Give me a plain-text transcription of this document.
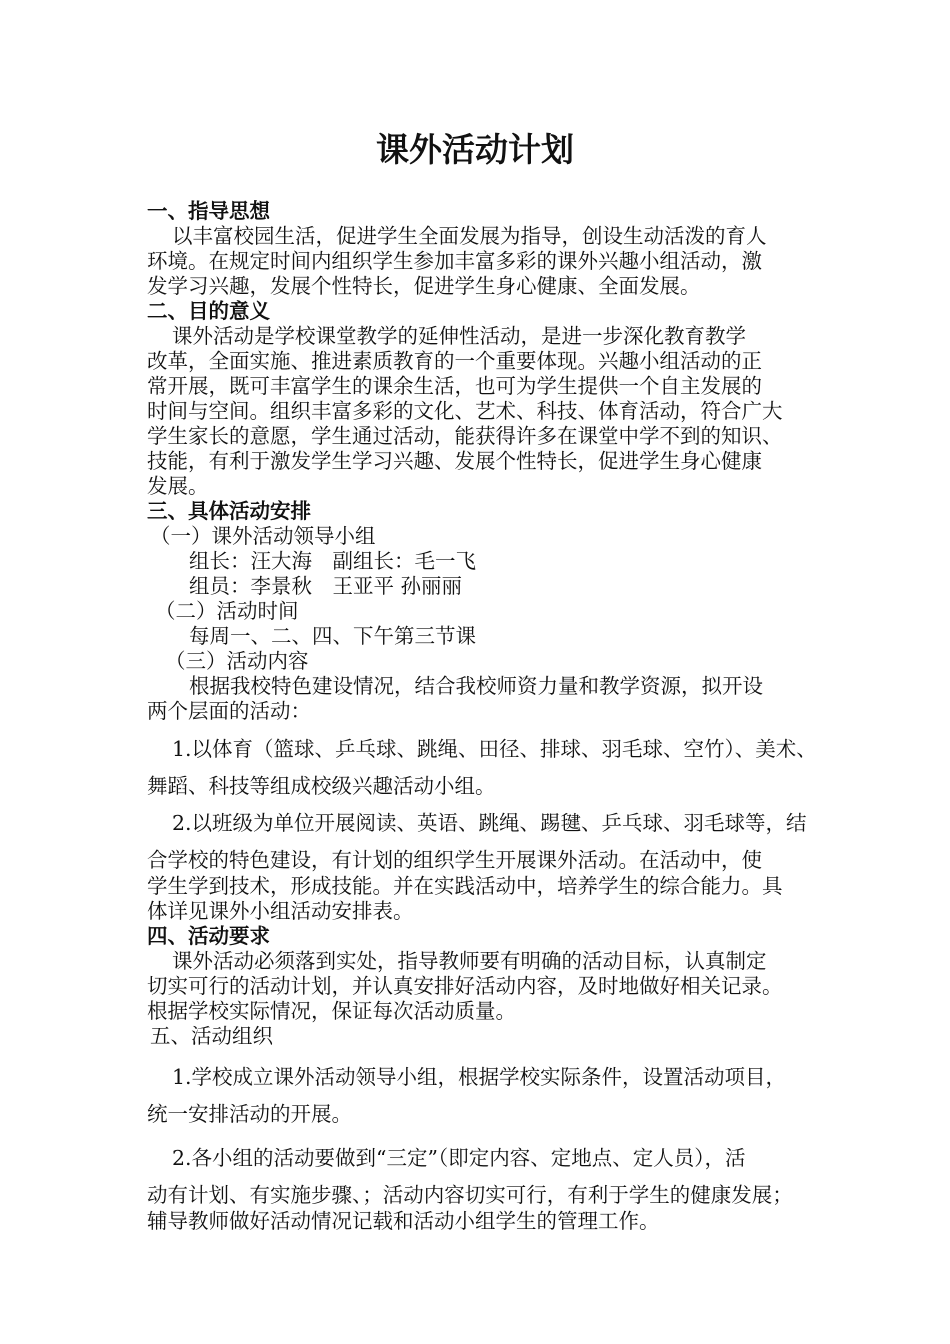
课外活动计划

一、指导思想

以丰富校园生活，促进学生全面发展为指导，创设生动活泼的育人

环境。在规定时间内组织学生参加丰富多彩的课外兴趣小组活动，激

发学习兴趣，发展个性特长，促进学生身心健康、全面发展。

二、目的意义

课外活动是学校课堂教学的延伸性活动，是进一步深化教育教学

改革，全面实施、推进素质教育的一个重要体现。兴趣小组活动的正

常开展，既可丰富学生的课余生活，也可为学生提供一个自主发展的

时间与空间。组织丰富多彩的文化、艺术、科技、体育活动，符合广大

学生家长的意愿，学生通过活动，能获得许多在课堂中学不到的知识、

技能，有利于激发学生学习兴趣、发展个性特长，促进学生身心健康

发展。

三、具体活动安排

（一）课外活动领导小组

组长：汪大海　副组长：毛一飞

组员：李景秋　王亚平 孙丽丽

（二）活动时间

每周一、二、四、下午第三节课

（三）活动内容

根据我校特色建设情况，结合我校师资力量和教学资源，拟开设

两个层面的活动：

1.以体育（篮球、乒乓球、跳绳、田径、排球、羽毛球、空竹）、美术、

舞蹈、科技等组成校级兴趣活动小组。

2.以班级为单位开展阅读、英语、跳绳、踢毽、乒乓球、羽毛球等，结

合学校的特色建设，有计划的组织学生开展课外活动。在活动中，使

学生学到技术，形成技能。并在实践活动中，培养学生的综合能力。具

体详见课外小组活动安排表。

四、活动要求

课外活动必须落到实处，指导教师要有明确的活动目标，认真制定

切实可行的活动计划，并认真安排好活动内容，及时地做好相关记录。

根据学校实际情况，保证每次活动质量。

五、活动组织

1.学校成立课外活动领导小组，根据学校实际条件，设置活动项目，

统一安排活动的开展。

2.各小组的活动要做到“三定”（即定内容、定地点、定人员），活

动有计划、有实施步骤、；活动内容切实可行，有利于学生的健康发展；

辅导教师做好活动情况记载和活动小组学生的管理工作。
